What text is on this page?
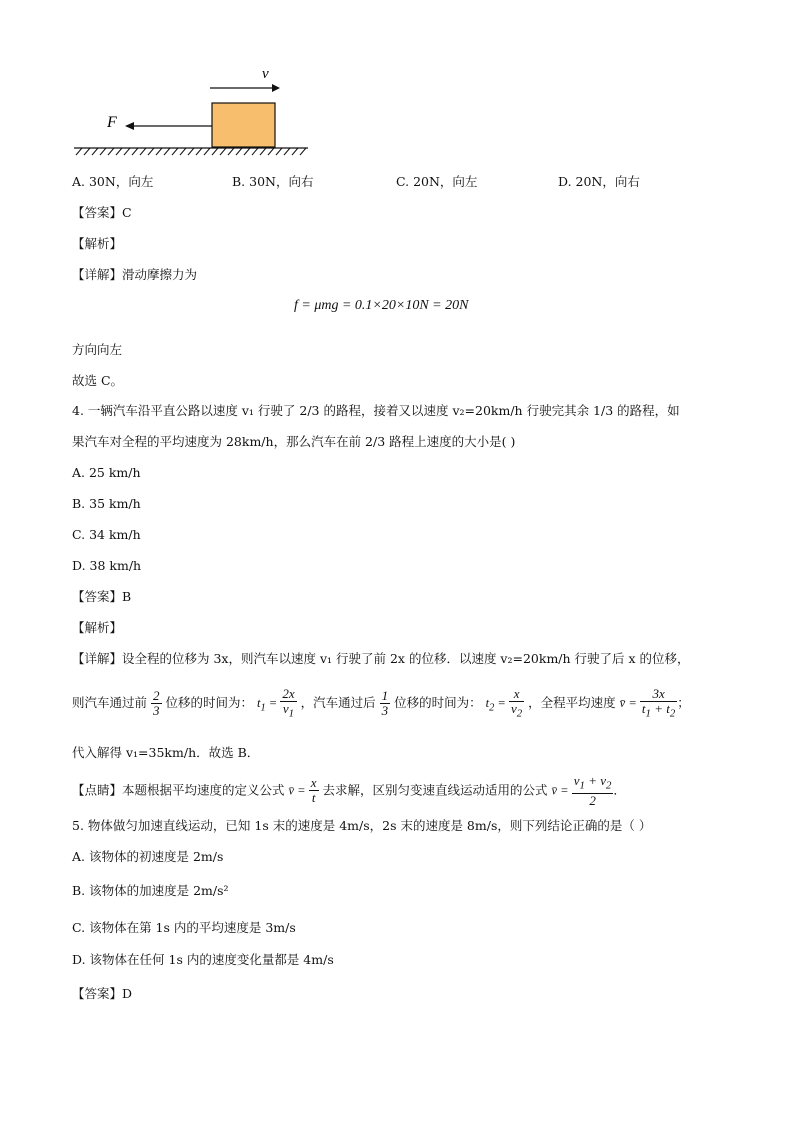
v
F
A. 30N，向左	B. 30N，向右	C. 20N，向左	D. 20N，向右
【答案】C
【解析】
【详解】滑动摩擦力为
f = μmg = 0.1×20×10N = 20N
方向向左
故选 C。
4. 一辆汽车沿平直公路以速度 v₁ 行驶了 2/3 的路程，接着又以速度 v₂=20km/h 行驶完其余 1/3 的路程，如
果汽车对全程的平均速度为 28km/h，那么汽车在前 2/3 路程上速度的大小是( )
A. 25 km/h
B. 35 km/h
C. 34 km/h
D. 38 km/h
【答案】B
【解析】
【详解】设全程的位移为 3x，则汽车以速度 v₁ 行驶了前 2x 的位移．以速度 v₂=20km/h 行驶了后 x 的位移，
则汽车通过前 $\frac{2}{3}$ 位移的时间为： $t_1 = \frac{2x}{v_1}$ ，汽车通过后 $\frac{1}{3}$ 位移的时间为： $t_2 = \frac{x}{v_2}$ ，全程平均速度 v̄ = $\frac{3x}{t_1 + t_2}$ ；
代入解得 v₁=35km/h．故选 B．
【点睛】本题根据平均速度的定义公式 v̄ = $\frac{x}{t}$ 去求解，区别匀变速直线运动适用的公式 v̄ = $\frac{v_1 + v_2}{2}$ ．
5. 物体做匀加速直线运动，已知 1s 末的速度是 4m/s，2s 末的速度是 8m/s，则下列结论正确的是（ ）
A. 该物体的初速度是 2m/s
B. 该物体的加速度是 2m/s²
C. 该物体在第 1s 内的平均速度是 3m/s
D. 该物体在任何 1s 内的速度变化量都是 4m/s
【答案】D
